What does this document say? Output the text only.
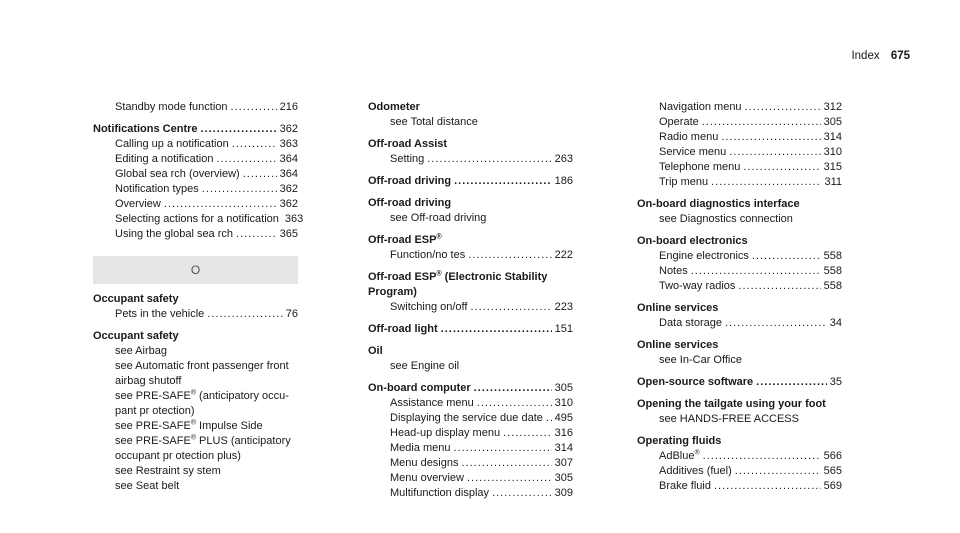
Index 675
Standby mode function .....	216
Notifications Centre .....	362
Calling up a notification .....	363
Editing a notification .....	364
Global sea rch (overview) .....	364
Notification types .....	362
Overview .....	362
Selecting actions for a notification 363
Using the global sea rch .....	365
O
Occupant safety
Pets in the vehicle .....	76
Occupant safety
see Airbag
see Automatic front passenger front airbag shutoff
see PRE-SAFE® (anticipatory occu- pant pr otection)
see PRE-SAFE® Impulse Side
see PRE-SAFE® PLUS (anticipatory occupant pr otection plus)
see Restraint sy stem
see Seat belt
Odometer
see Total distance
Off-road Assist
Setting .....	263
Off-road driving .....	186
Off-road driving
see Off-road driving
Off-road ESP®
Function/no tes .....	222
Off-road ESP® (Electronic Stability Program)
Switching on/off .....	223
Off-road light .....	151
Oil
see Engine oil
On-board computer .....	305
Assistance menu .....	310
Displaying the service due date ..... 495
Head-up display menu .....	316
Media menu .....	314
Menu designs .....	307
Menu overview .....	305
Multifunction display .....	309
Navigation menu .....	312
Operate .....	305
Radio menu .....	314
Service menu .....	310
Telephone menu .....	315
Trip menu .....	311
On-board diagnostics interface
see Diagnostics connection
On-board electronics
Engine electronics .....	558
Notes .....	558
Two-way radios .....	558
Online services
Data storage .....	34
Online services
see In-Car Office
Open-source software .....	35
Opening the tailgate using your foot
see HANDS-FREE ACCESS
Operating fluids
AdBlue® .....	566
Additives (fuel) .....	565
Brake fluid .....	569
